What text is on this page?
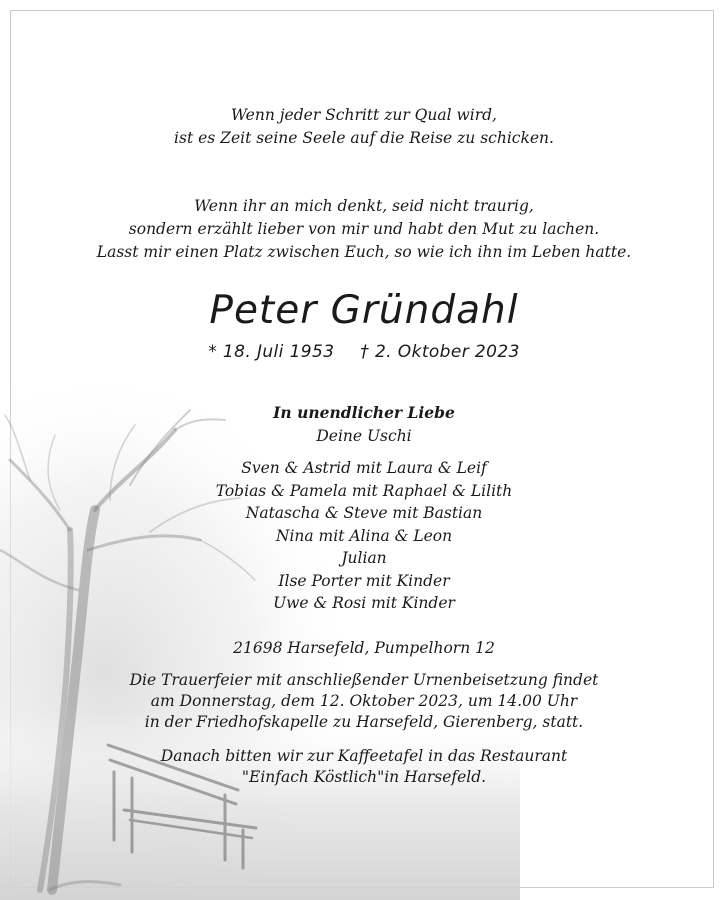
Wenn jeder Schritt zur Qual wird,
ist es Zeit seine Seele auf die Reise zu schicken.
Wenn ihr an mich denkt, seid nicht traurig,
sondern erzählt lieber von mir und habt den Mut zu lachen.
Lasst mir einen Platz zwischen Euch, so wie ich ihn im Leben hatte.
Peter Gründahl
* 18. Juli 1953 † 2. Oktober 2023
In unendlicher Liebe
Deine Uschi
Sven & Astrid mit Laura & Leif
Tobias & Pamela mit Raphael & Lilith
Natascha & Steve mit Bastian
Nina mit Alina & Leon
Julian
Ilse Porter mit Kinder
Uwe & Rosi mit Kinder
21698 Harsefeld, Pumpelhorn 12
Die Trauerfeier mit anschließender Urnenbeisetzung findet
am Donnerstag, dem 12. Oktober 2023, um 14.00 Uhr
in der Friedhofskapelle zu Harsefeld, Gierenberg, statt.
Danach bitten wir zur Kaffeetafel in das Restaurant
"Einfach Köstlich"in Harsefeld.
